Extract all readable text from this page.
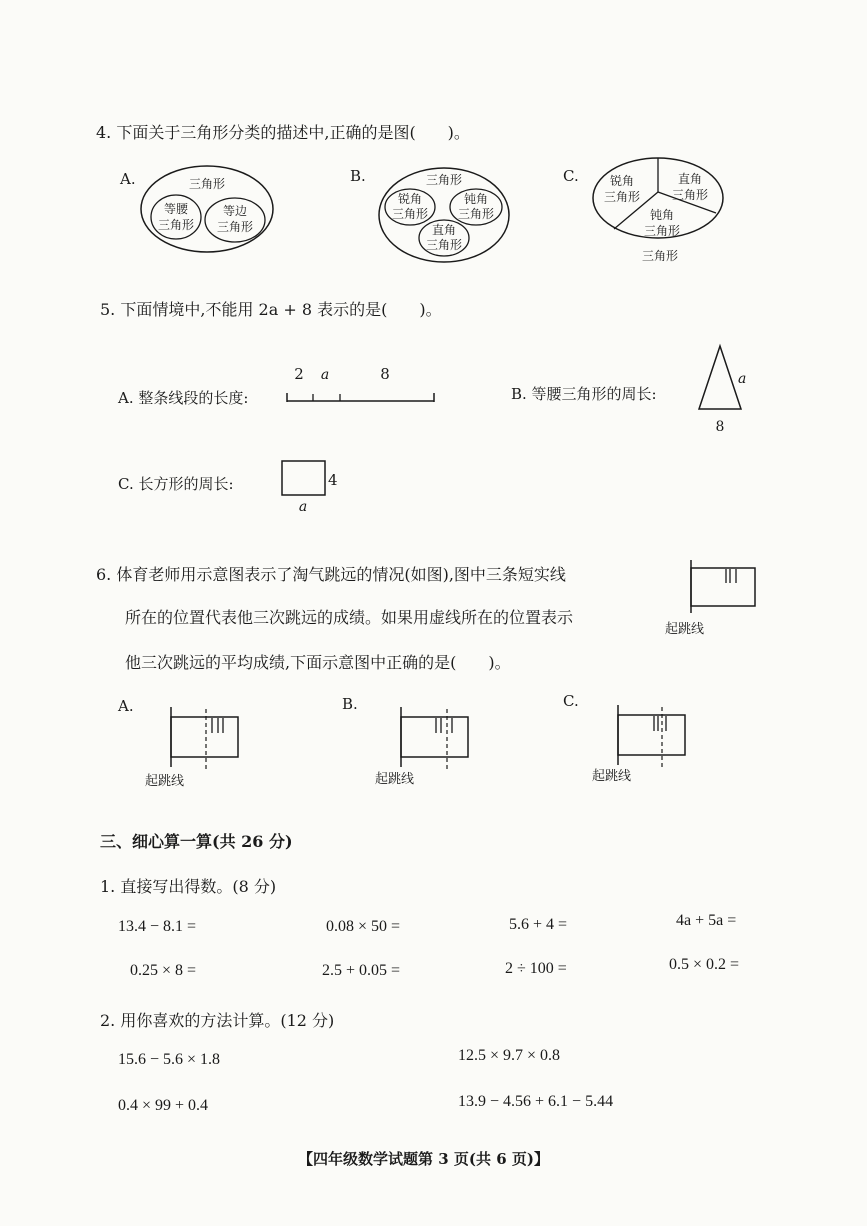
4. 下面关于三角形分类的描述中,正确的是图(　　)。
A.	B.	C.
三角形
等腰
三角形
等边
三角形
三角形
锐角
三角形
钝角
三角形
直角
三角形
锐角
三角形
直角
三角形
钝角
三角形
三角形
5. 下面情境中,不能用 2a + 8 表示的是(　　)。
A. 整条线段的长度:
2 a	8
B. 等腰三角形的周长:
a
8
C. 长方形的周长:	4
a
6. 体育老师用示意图表示了淘气跳远的情况(如图),图中三条短实线
所在的位置代表他三次跳远的成绩。如果用虚线所在的位置表示
他三次跳远的平均成绩,下面示意图中正确的是(　　)。
起跳线
A.
起跳线
B.
起跳线
C.
起跳线
三、细心算一算(共 26 分)
1. 直接写出得数。(8 分)
13.4 − 8.1 =	0.08 × 50 =	5.6 + 4 =	4a + 5a =
0.25 × 8 =	2.5 + 0.05 =	2 ÷ 100 =	0.5 × 0.2 =
2. 用你喜欢的方法计算。(12 分)
15.6 − 5.6 × 1.8	12.5 × 9.7 × 0.8
0.4 × 99 + 0.4	13.9 − 4.56 + 6.1 − 5.44
【四年级数学试题第 3 页(共 6 页)】
